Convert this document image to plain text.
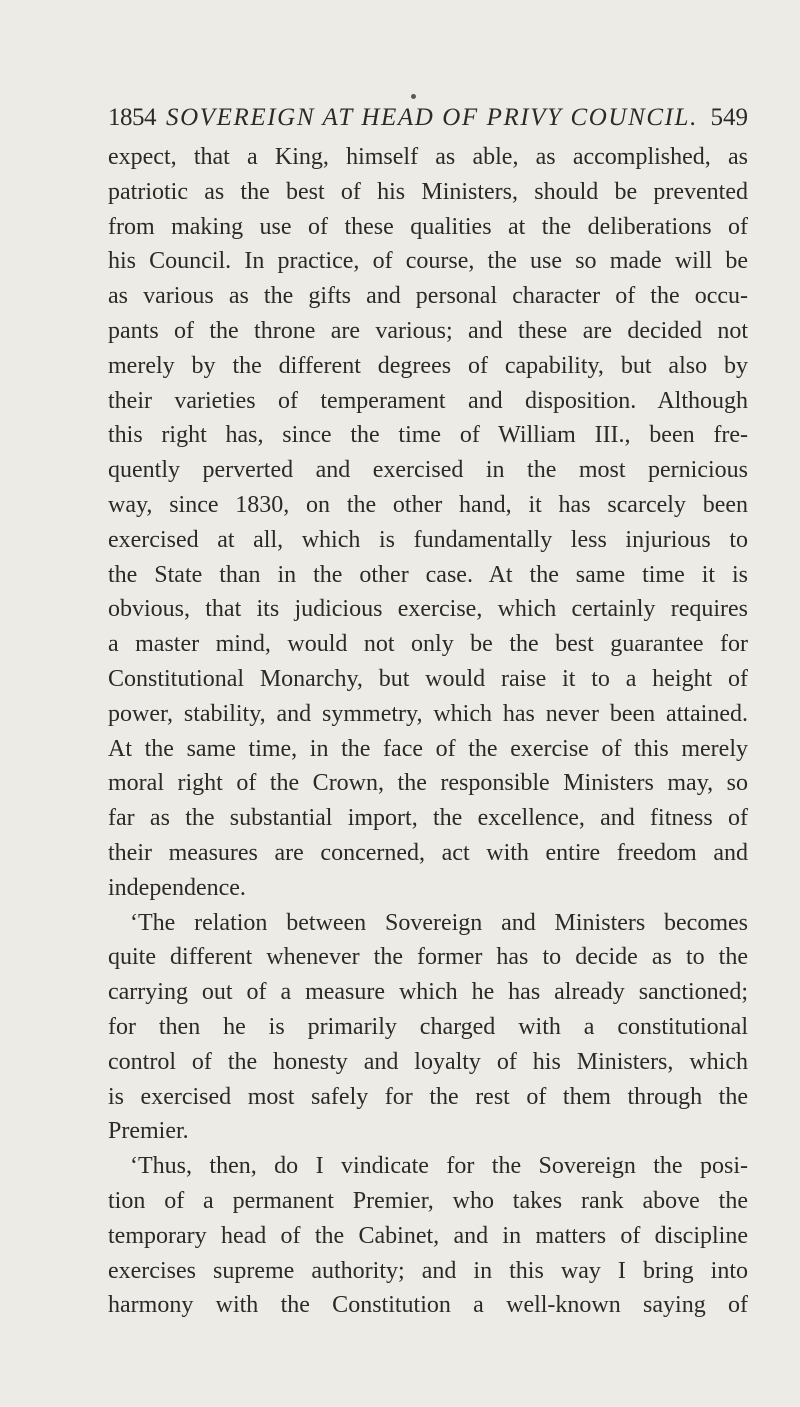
1854 SOVEREIGN AT HEAD OF PRIVY COUNCIL. 549
expect, that a King, himself as able, as accomplished, as
patriotic as the best of his Ministers, should be prevented
from making use of these qualities at the deliberations of
his Council. In practice, of course, the use so made will be
as various as the gifts and personal character of the occu-
pants of the throne are various; and these are decided not
merely by the different degrees of capability, but also by
their varieties of temperament and disposition. Although
this right has, since the time of William III., been fre-
quently perverted and exercised in the most pernicious
way, since 1830, on the other hand, it has scarcely been
exercised at all, which is fundamentally less injurious to
the State than in the other case. At the same time it is
obvious, that its judicious exercise, which certainly requires
a master mind, would not only be the best guarantee for
Constitutional Monarchy, but would raise it to a height of
power, stability, and symmetry, which has never been attained.
At the same time, in the face of the exercise of this merely
moral right of the Crown, the responsible Ministers may, so
far as the substantial import, the excellence, and fitness of
their measures are concerned, act with entire freedom and
independence.
‘The relation between Sovereign and Ministers becomes
quite different whenever the former has to decide as to the
carrying out of a measure which he has already sanctioned;
for then he is primarily charged with a constitutional
control of the honesty and loyalty of his Ministers, which
is exercised most safely for the rest of them through the
Premier.
‘Thus, then, do I vindicate for the Sovereign the posi-
tion of a permanent Premier, who takes rank above the
temporary head of the Cabinet, and in matters of discipline
exercises supreme authority; and in this way I bring into
harmony with the Constitution a well-known saying of
